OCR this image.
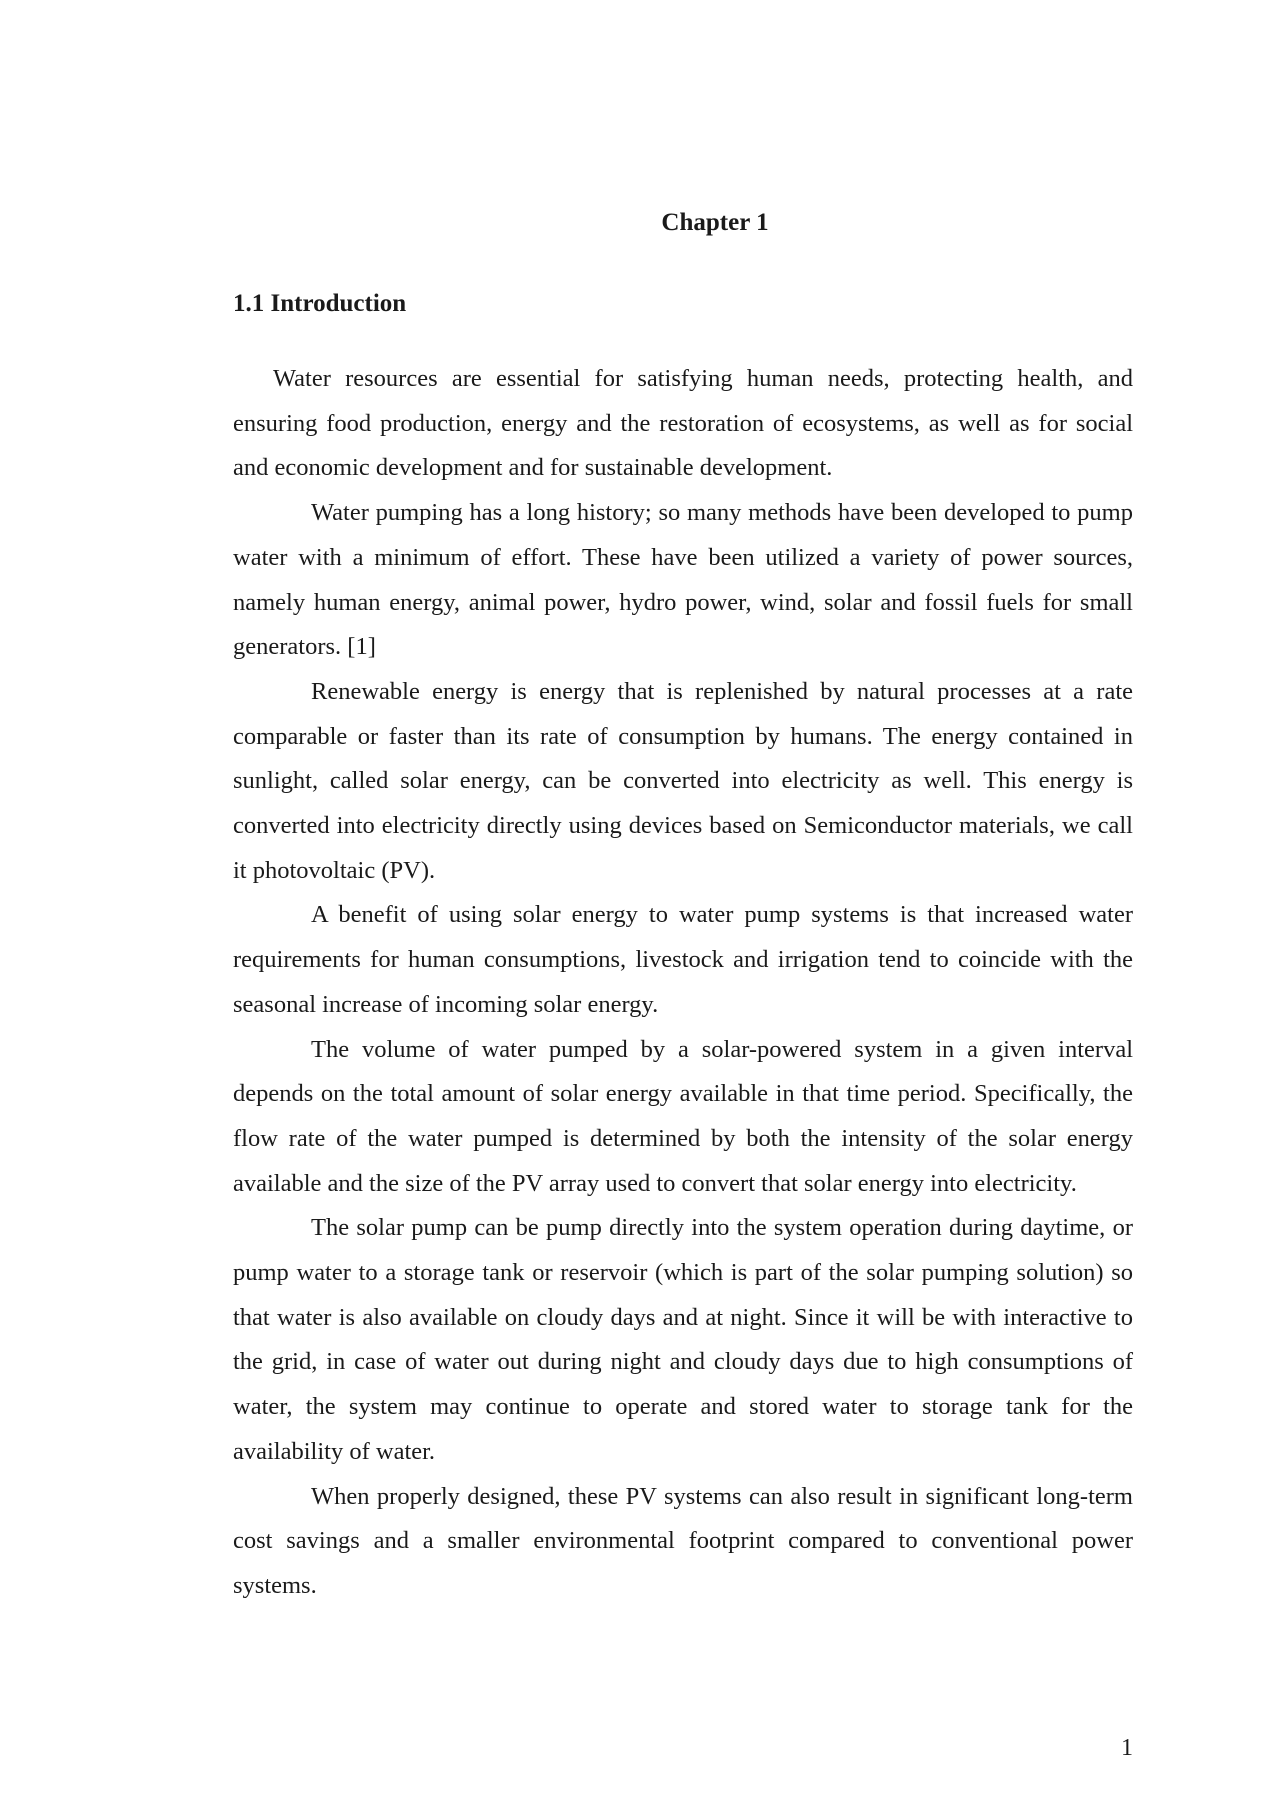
Chapter 1
1.1 Introduction

Water resources are essential for satisfying human needs, protecting health, and ensuring food production, energy and the restoration of ecosystems, as well as for social and economic development and for sustainable development.

Water pumping has a long history; so many methods have been developed to pump water with a minimum of effort. These have been utilized a variety of power sources, namely human energy, animal power, hydro power, wind, solar and fossil fuels for small generators. [1]

Renewable energy is energy that is replenished by natural processes at a rate comparable or faster than its rate of consumption by humans. The energy contained in sunlight, called solar energy, can be converted into electricity as well. This energy is converted into electricity directly using devices based on Semiconductor materials, we call it photovoltaic (PV).

A benefit of using solar energy to water pump systems is that increased water requirements for human consumptions, livestock and irrigation tend to coincide with the seasonal increase of incoming solar energy.

The volume of water pumped by a solar-powered system in a given interval depends on the total amount of solar energy available in that time period. Specifically, the flow rate of the water pumped is determined by both the intensity of the solar energy available and the size of the PV array used to convert that solar energy into electricity.

The solar pump can be pump directly into the system operation during daytime, or pump water to a storage tank or reservoir (which is part of the solar pumping solution) so that water is also available on cloudy days and at night. Since it will be with interactive to the grid, in case of water out during night and cloudy days due to high consumptions of water, the system may continue to operate and stored water to storage tank for the availability of water.

When properly designed, these PV systems can also result in significant long-term cost savings and a smaller environmental footprint compared to conventional power systems.

1
